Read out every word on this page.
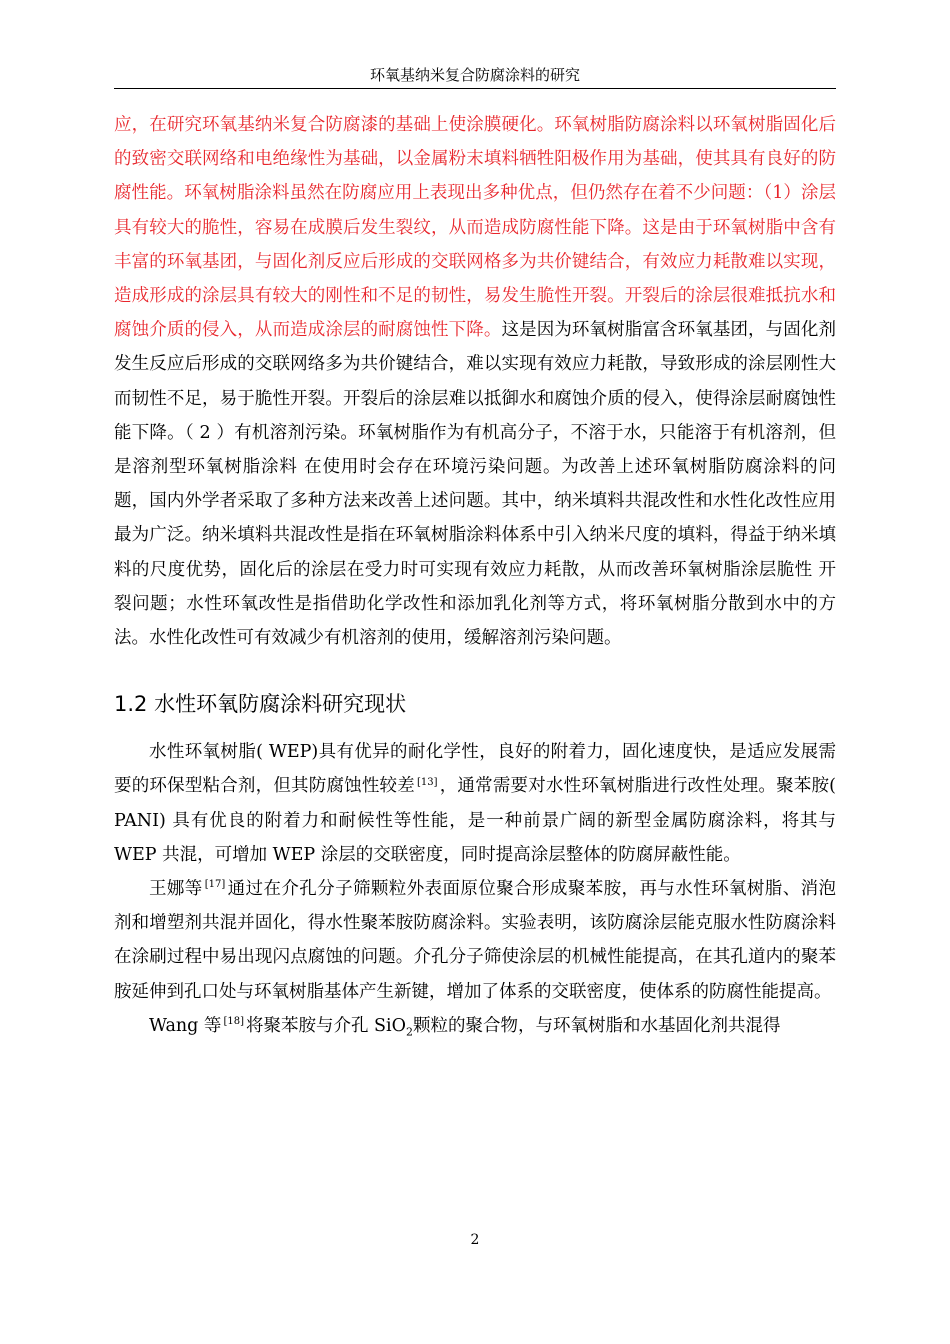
环氧基纳米复合防腐涂料的研究

应，在研究环氧基纳米复合防腐漆的基础上使涂膜硬化。环氧树脂防腐涂料以环氧树脂固化后的致密交联网络和电绝缘性为基础，以金属粉末填料牺牲阳极作用为基础，使其具有良好的防腐性能。环氧树脂涂料虽然在防腐应用上表现出多种优点，但仍然存在着不少问题：（1）涂层具有较大的脆性，容易在成膜后发生裂纹，从而造成防腐性能下降。这是由于环氧树脂中含有丰富的环氧基团，与固化剂反应后形成的交联网格多为共价键结合，有效应力耗散难以实现，造成形成的涂层具有较大的刚性和不足的韧性，易发生脆性开裂。开裂后的涂层很难抵抗水和腐蚀介质的侵入，从而造成涂层的耐腐蚀性下降。这是因为环氧树脂富含环氧基团，与固化剂发生反应后形成的交联网络多为共价键结合，难以实现有效应力耗散，导致形成的涂层刚性大而韧性不足，易于脆性开裂。开裂后的涂层难以抵御水和腐蚀介质的侵入，使得涂层耐腐蚀性能下降。（ 2 ）有机溶剂污染。环氧树脂作为有机高分子，不溶于水，只能溶于有机溶剂，但是溶剂型环氧树脂涂料 在使用时会存在环境污染问题。为改善上述环氧树脂防腐涂料的问题，国内外学者采取了多种方法来改善上述问题。其中，纳米填料共混改性和水性化改性应用最为广泛。纳米填料共混改性是指在环氧树脂涂料体系中引入纳米尺度的填料，得益于纳米填料的尺度优势，固化后的涂层在受力时可实现有效应力耗散，从而改善环氧树脂涂层脆性 开裂问题；水性环氧改性是指借助化学改性和添加乳化剂等方式，将环氧树脂分散到水中的方法。水性化改性可有效减少有机溶剂的使用，缓解溶剂污染问题。

1.2 水性环氧防腐涂料研究现状

水性环氧树脂( WEP)具有优异的耐化学性，良好的附着力，固化速度快，是适应发展需要的环保型粘合剂，但其防腐蚀性较差 [13] ，通常需要对水性环氧树脂进行改性处理。聚苯胺( PANI) 具有优良的附着力和耐候性等性能，是一种前景广阔的新型金属防腐涂料，将其与 WEP 共混，可增加 WEP 涂层的交联密度，同时提高涂层整体的防腐屏蔽性能。

王娜等 [17] 通过在介孔分子筛颗粒外表面原位聚合形成聚苯胺，再与水性环氧树脂、消泡剂和增塑剂共混并固化，得水性聚苯胺防腐涂料。实验表明，该防腐涂层能克服水性防腐涂料在涂刷过程中易出现闪点腐蚀的问题。介孔分子筛使涂层的机械性能提高，在其孔道内的聚苯胺延伸到孔口处与环氧树脂基体产生新键，增加了体系的交联密度，使体系的防腐性能提高。

Wang 等 [18] 将聚苯胺与介孔 SiO$_2$颗粒的聚合物，与环氧树脂和水基固化剂共混得

2
